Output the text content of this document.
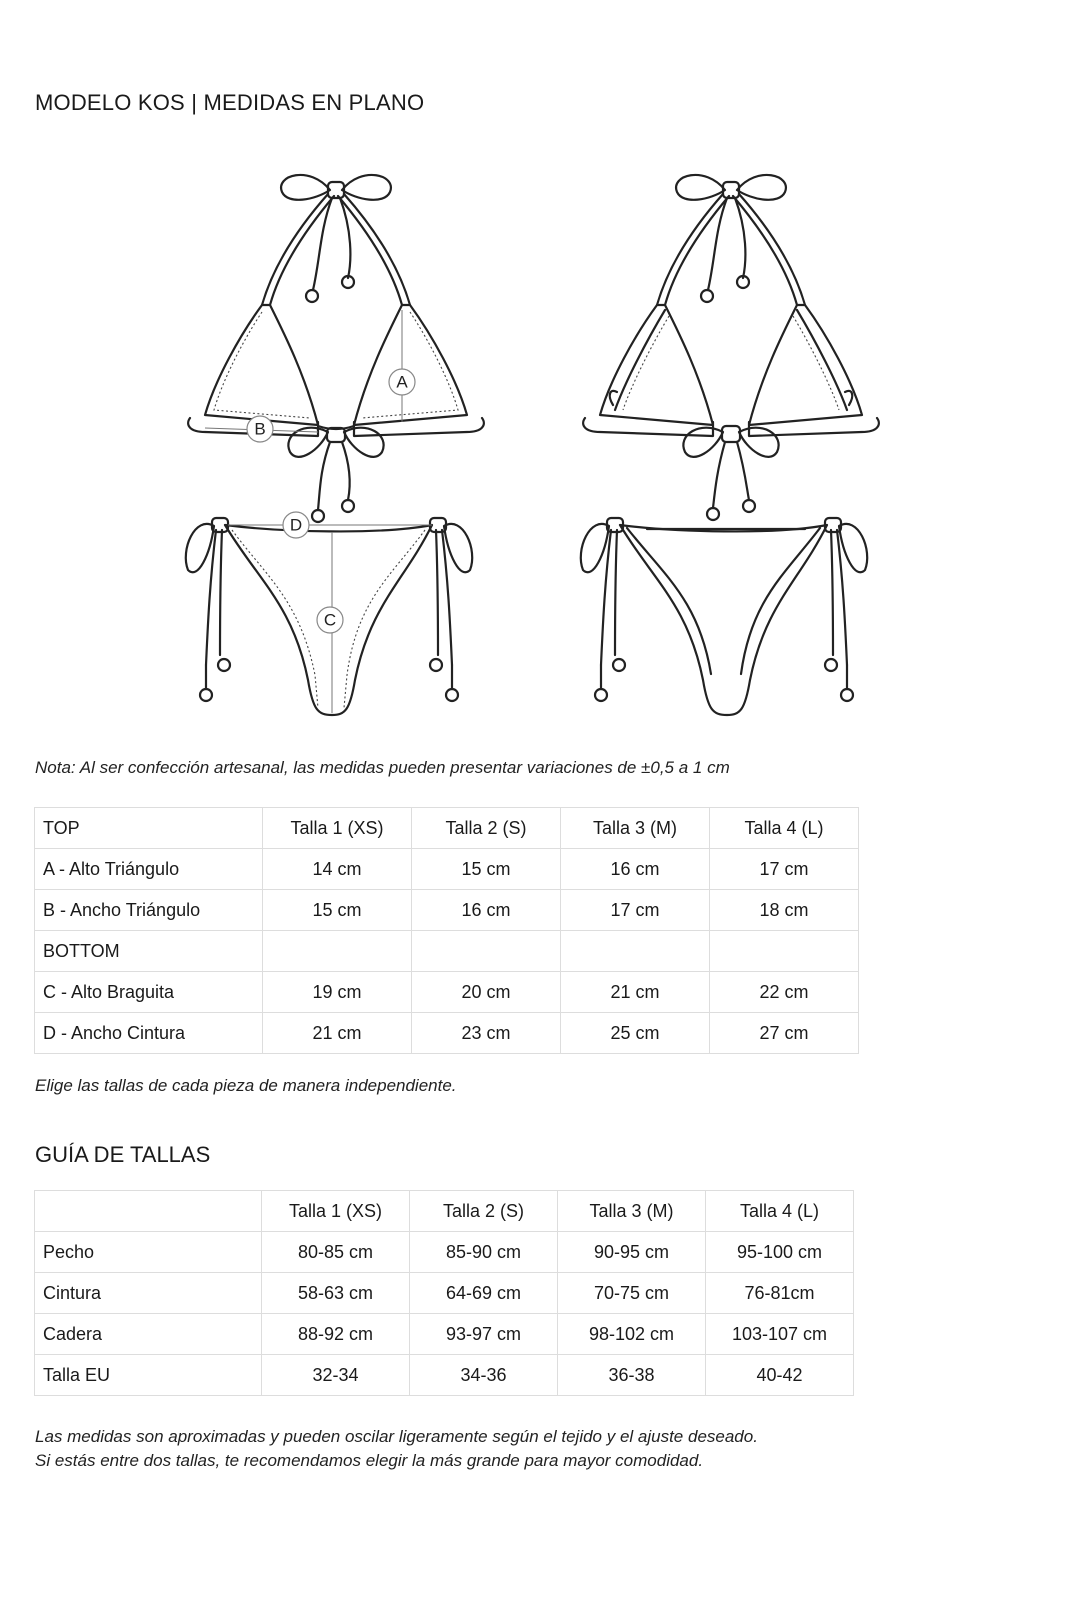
MODELO KOS | MEDIDAS EN PLANO
A
B
D
C

Nota: Al ser confección artesanal, las medidas pueden presentar variaciones de ±0,5 a 1 cm

TOP	Talla 1 (XS)	Talla 2 (S)	Talla 3 (M)	Talla 4 (L)
A - Alto Triángulo	14 cm	15 cm	16 cm	17 cm
B - Ancho Triángulo	15 cm	16 cm	17 cm	18 cm
BOTTOM				
C - Alto Braguita	19 cm	20 cm	21 cm	22 cm
D - Ancho Cintura	21 cm	23 cm	25 cm	27 cm

Elige las tallas de cada pieza de manera independiente.

GUÍA DE TALLAS
	Talla 1 (XS)	Talla 2 (S)	Talla 3 (M)	Talla 4 (L)
Pecho	80-85 cm	85-90 cm	90-95 cm	95-100 cm
Cintura	58-63 cm	64-69 cm	70-75 cm	76-81cm
Cadera	88-92 cm	93-97 cm	98-102 cm	103-107 cm
Talla EU	32-34	34-36	36-38	40-42

Las medidas son aproximadas y pueden oscilar ligeramente según el tejido y el ajuste deseado.

Si estás entre dos tallas, te recomendamos elegir la más grande para mayor comodidad.
